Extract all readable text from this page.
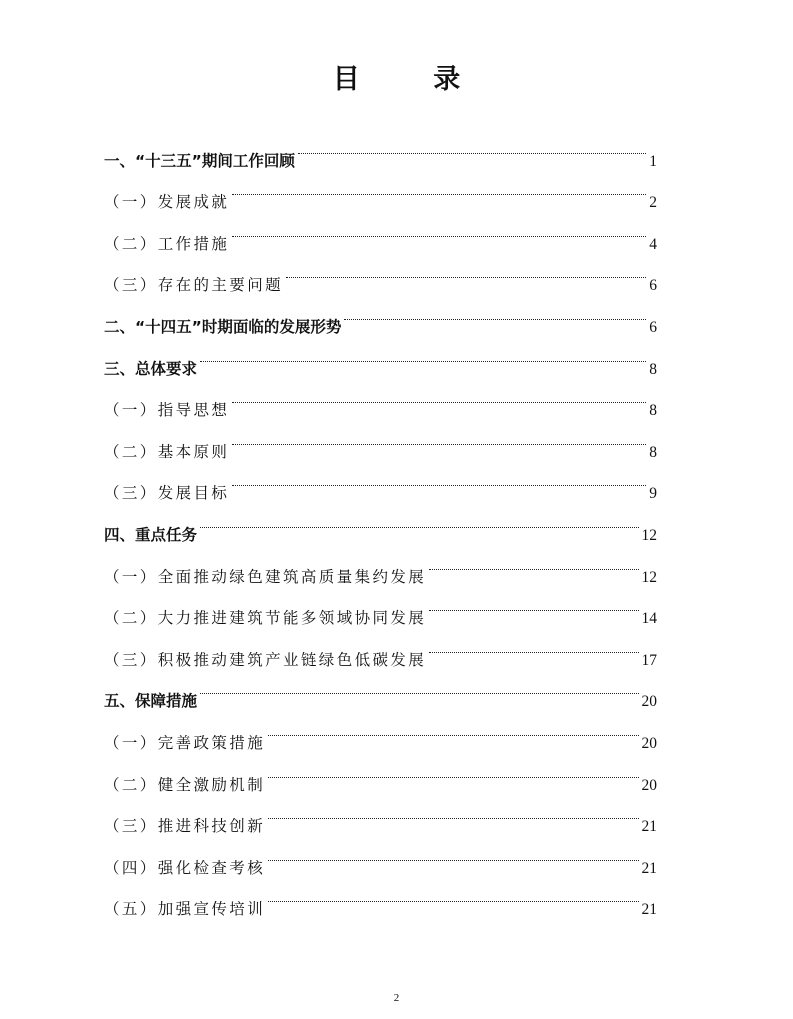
目 录
一、“十三五”期间工作回顾	1
（一）发展成就	2
（二）工作措施	4
（三）存在的主要问题	6
二、“十四五”时期面临的发展形势	6
三、总体要求	8
（一）指导思想	8
（二）基本原则	8
（三）发展目标	9
四、重点任务	12
（一）全面推动绿色建筑高质量集约发展	12
（二）大力推进建筑节能多领域协同发展	14
（三）积极推动建筑产业链绿色低碳发展	17
五、保障措施	20
（一）完善政策措施	20
（二）健全激励机制	20
（三）推进科技创新	21
（四）强化检查考核	21
（五）加强宣传培训	21
2
